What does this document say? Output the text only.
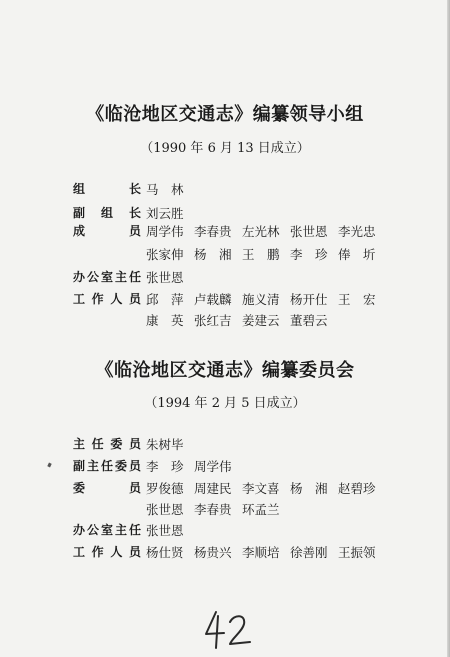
《临沧地区交通志》编纂领导小组
（1990 年 6 月 13 日成立）
组　长 马　林
副组长 刘云胜
成　员 周学伟 李春贵 左光林 张世恩 李光忠
张家伸 杨　湘 王　鹏 李　珍 俸　圻
办公室主任 张世恩
工作人员 邱　萍 卢载麟 施义清 杨开仕 王　宏
康　英 张红吉 姜建云 董碧云
《临沧地区交通志》编纂委员会
（1994 年 2 月 5 日成立）
主任委员 朱树毕
副主任委员 李　珍 周学伟
委　员 罗俊德 周建民 李文喜 杨　湘 赵碧珍
张世恩 李春贵 环孟兰
办公室主任 张世恩
工作人员 杨仕贤 杨贵兴 李顺培 徐善刚 王振领
